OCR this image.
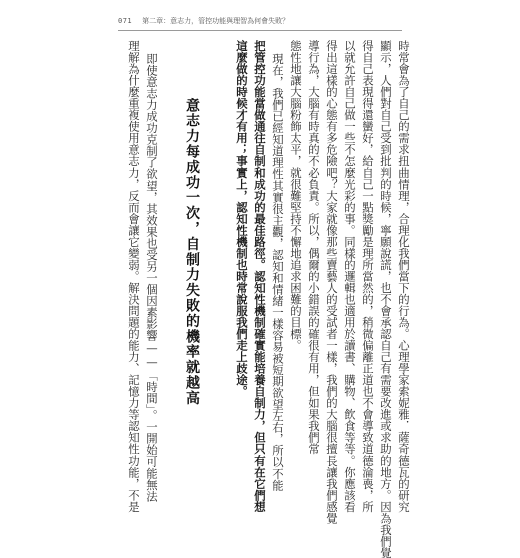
071 第二章：意志力，管控功能與理智為何會失敗？
時常會為了自己的需求扭曲情理，合理化我們當下的行為。心理學家索妮雅．薩奇德瓦的研究
顯示，人們對自己受到批判的時候，寧願說謊，也不會承認自己有需要改進或求助的地方。因為我們覺
得自己表現得還蠻好，給自己一點獎勵是理所當然的，稍微偏離正道也不會導致道德淪喪，所
以就允許自己做一些不怎麼光彩的事。同樣的邏輯也適用於讀書、購物、飲食等等。你應該看
得出這樣的心態有多危險吧？大家就像那些賣藝人的受試者一樣，我們的大腦很擅長讓我們感覺
導行為，大腦有時真的不必負責。所以，偶爾的小錯誤的確很有用，但如果我們常
態性地讓大腦粉飾太平，就很難堅持不懈地追求困難的目標。
現在，我們已經知道理性其實很主觀，認知和情緒一樣容易被短期欲望左右，所以不能
把管控功能當做通往自制和成功的最佳路徑。認知性機制確實能培養自制力，但只有在它們想
這麼做的時候才有用；事實上，認知性機制也時常說服我們走上歧途。
意志力每成功一次，自制力失敗的機率就越高
即使意志力成功克制了欲望，其效果也受另一個因素影響——「時間」。一開始可能無法
理解為什麼重複使用意志力，反而會讓它變弱。解決問題的能力、記憶力等認知性功能，不是
